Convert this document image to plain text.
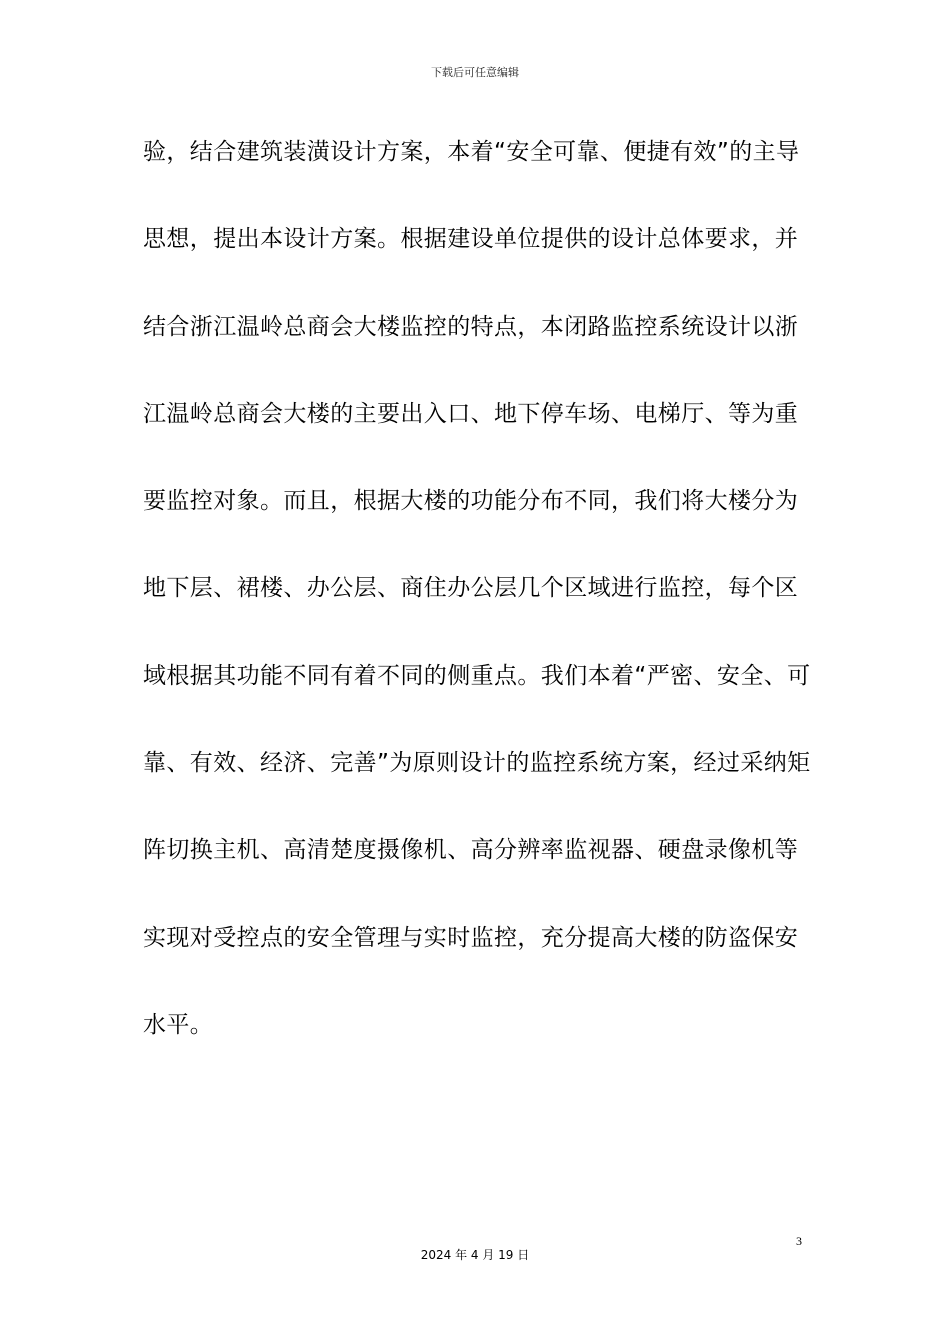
下载后可任意编辑
验，结合建筑装潢设计方案，本着“安全可靠、便捷有效”的主导
思想，提出本设计方案。根据建设单位提供的设计总体要求，并
结合浙江温岭总商会大楼监控的特点，本闭路监控系统设计以浙
江温岭总商会大楼的主要出入口、地下停车场、电梯厅、等为重
要监控对象。而且，根据大楼的功能分布不同，我们将大楼分为
地下层、裙楼、办公层、商住办公层几个区域进行监控，每个区
域根据其功能不同有着不同的侧重点。我们本着“严密、安全、可
靠、有效、经济、完善”为原则设计的监控系统方案，经过采纳矩
阵切换主机、高清楚度摄像机、高分辨率监视器、硬盘录像机等
实现对受控点的安全管理与实时监控，充分提高大楼的防盗保安
水平。
3
2024 年 4 月 19 日
